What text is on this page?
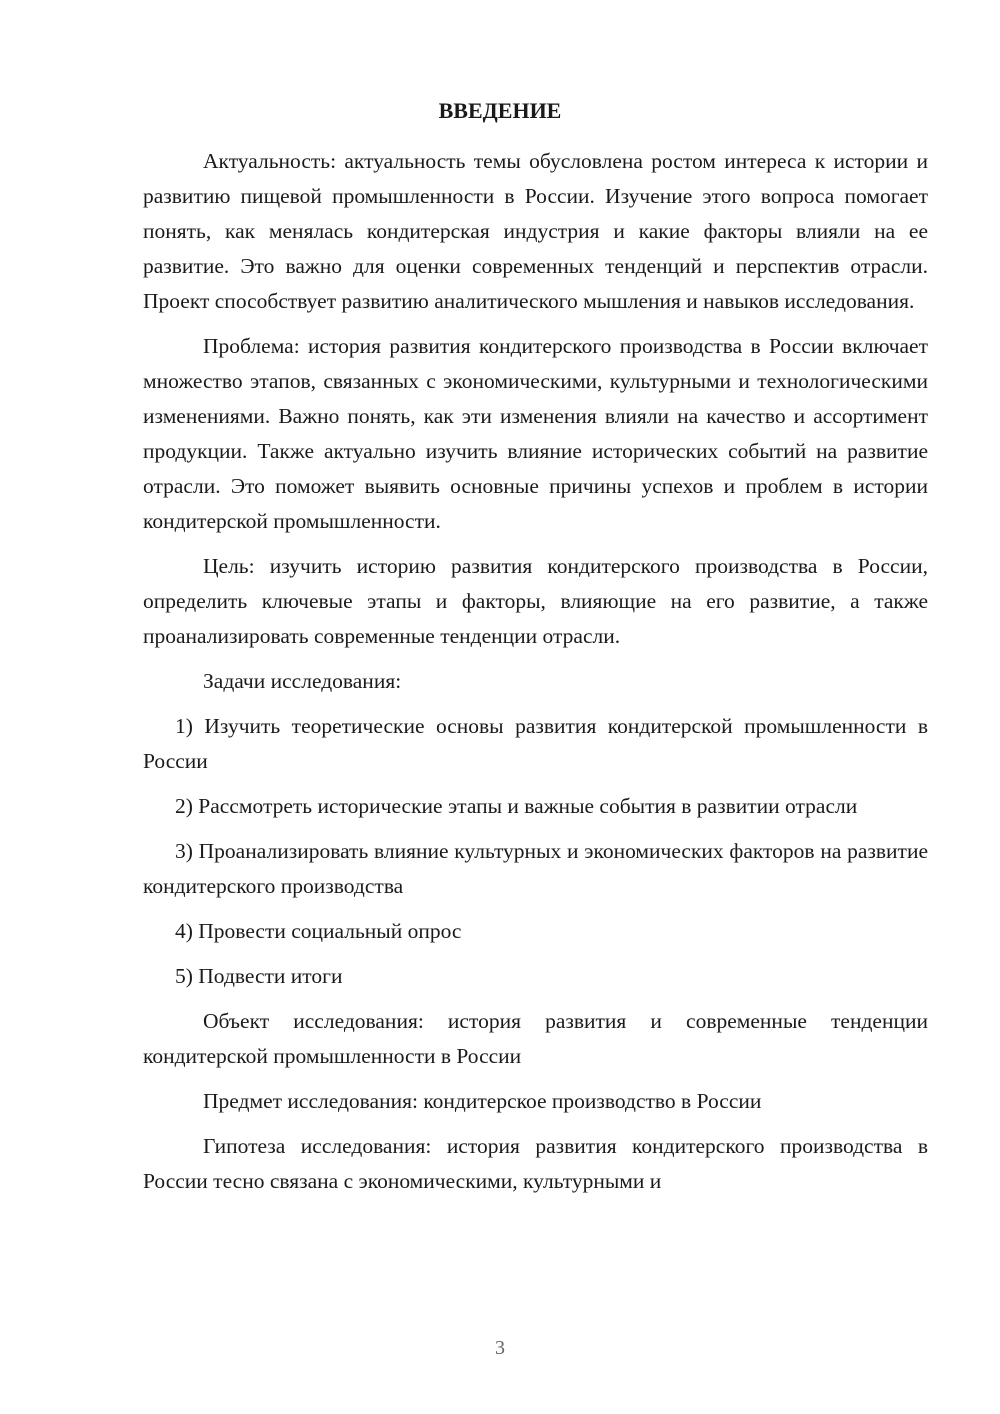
ВВЕДЕНИЕ

Актуальность: актуальность темы обусловлена ростом интереса к истории и развитию пищевой промышленности в России. Изучение этого вопроса помогает понять, как менялась кондитерская индустрия и какие факторы влияли на ее развитие. Это важно для оценки современных тенденций и перспектив отрасли. Проект способствует развитию аналитического мышления и навыков исследования.

Проблема: история развития кондитерского производства в России включает множество этапов, связанных с экономическими, культурными и технологическими изменениями. Важно понять, как эти изменения влияли на качество и ассортимент продукции. Также актуально изучить влияние исторических событий на развитие отрасли. Это поможет выявить основные причины успехов и проблем в истории кондитерской промышленности.

Цель: изучить историю развития кондитерского производства в России, определить ключевые этапы и факторы, влияющие на его развитие, а также проанализировать современные тенденции отрасли.

Задачи исследования:

1) Изучить теоретические основы развития кондитерской промышленности в России

2) Рассмотреть исторические этапы и важные события в развитии отрасли

3) Проанализировать влияние культурных и экономических факторов на развитие кондитерского производства

4) Провести социальный опрос

5) Подвести итоги

Объект исследования: история развития и современные тенденции кондитерской промышленности в России

Предмет исследования: кондитерское производство в России

Гипотеза исследования: история развития кондитерского производства в России тесно связана с экономическими, культурными и

3
